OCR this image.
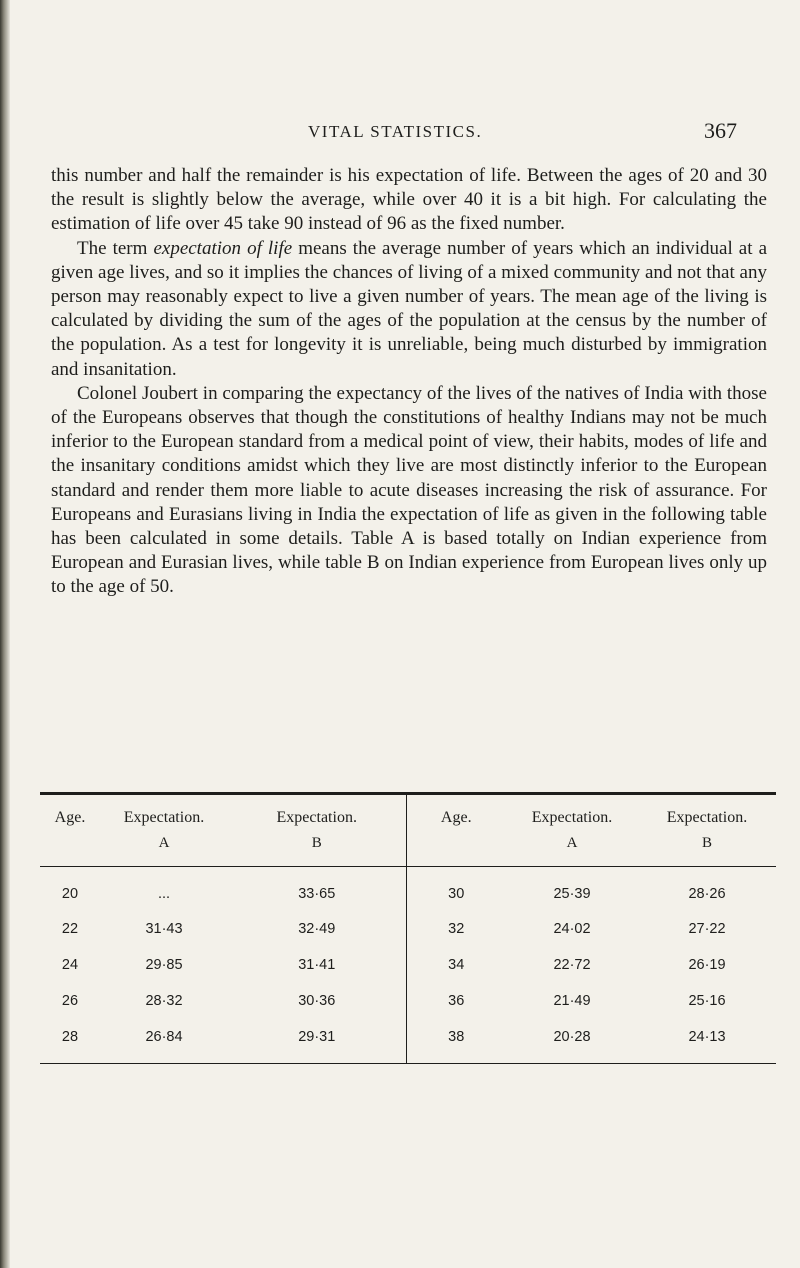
VITAL STATISTICS.	367

this number and half the remainder is his expectation of life. Between the ages of 20 and 30 the result is slightly below the average, while over 40 it is a bit high. For calculating the estimation of life over 45 take 90 instead of 96 as the fixed number.

The term expectation of life means the average number of years which an individual at a given age lives, and so it implies the chances of living of a mixed community and not that any person may reasonably expect to live a given number of years. The mean age of the living is calculated by dividing the sum of the ages of the population at the census by the number of the population. As a test for longevity it is unreliable, being much disturbed by immigration and insanitation.

Colonel Joubert in comparing the expectancy of the lives of the natives of India with those of the Europeans observes that though the constitutions of healthy Indians may not be much inferior to the European standard from a medical point of view, their habits, modes of life and the insanitary conditions amidst which they live are most distinctly inferior to the European standard and render them more liable to acute diseases increasing the risk of assurance. For Europeans and Eurasians living in India the expectation of life as given in the following table has been calculated in some details. Table A is based totally on Indian experience from European and Eurasian lives, while table B on Indian experience from European lives only up to the age of 50.

Age.	Expectation.	Expectation.	Age.	Expectation.	Expectation.
	A	B		A	B
20	...	33·65	30	25·39	28·26
22	31·43	32·49	32	24·02	27·22
24	29·85	31·41	34	22·72	26·19
26	28·32	30·36	36	21·49	25·16
28	26·84	29·31	38	20·28	24·13
